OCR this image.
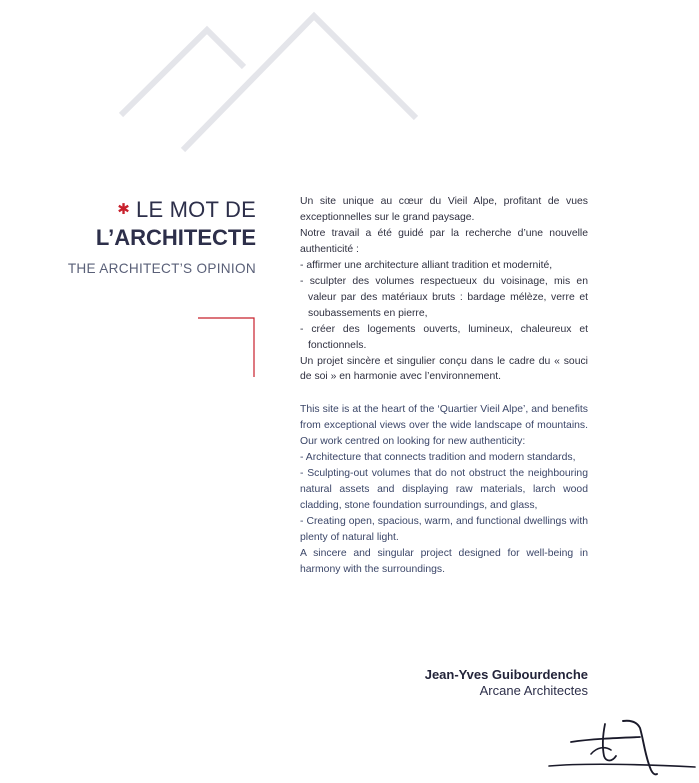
✱ LE MOT DE
L’ARCHITECTE
THE ARCHITECT’S OPINION

Un site unique au cœur du Vieil Alpe, profitant de vues exceptionnelles sur le grand paysage.

Notre travail a été guidé par la recherche d’une nouvelle authenticité :

- affirmer une architecture alliant tradition et modernité,

- sculpter des volumes respectueux du voisinage, mis en valeur par des matériaux bruts : bardage mélèze, verre et soubassements en pierre,

- créer des logements ouverts, lumineux, chaleureux et fonctionnels.

Un projet sincère et singulier conçu dans le cadre du « souci de soi » en harmonie avec l’environnement.

This site is at the heart of the ‘Quartier Vieil Alpe’, and benefits from exceptional views over the wide landscape of mountains. Our work centred on looking for new authenticity:

- Architecture that connects tradition and modern standards,

- Sculpting-out volumes that do not obstruct the neighbouring natural assets and displaying raw materials, larch wood cladding, stone foundation surroundings, and glass,

- Creating open, spacious, warm, and functional dwellings with plenty of natural light.

A sincere and singular project designed for well-being in harmony with the surroundings.

Jean-Yves Guibourdenche
Arcane Architectes
